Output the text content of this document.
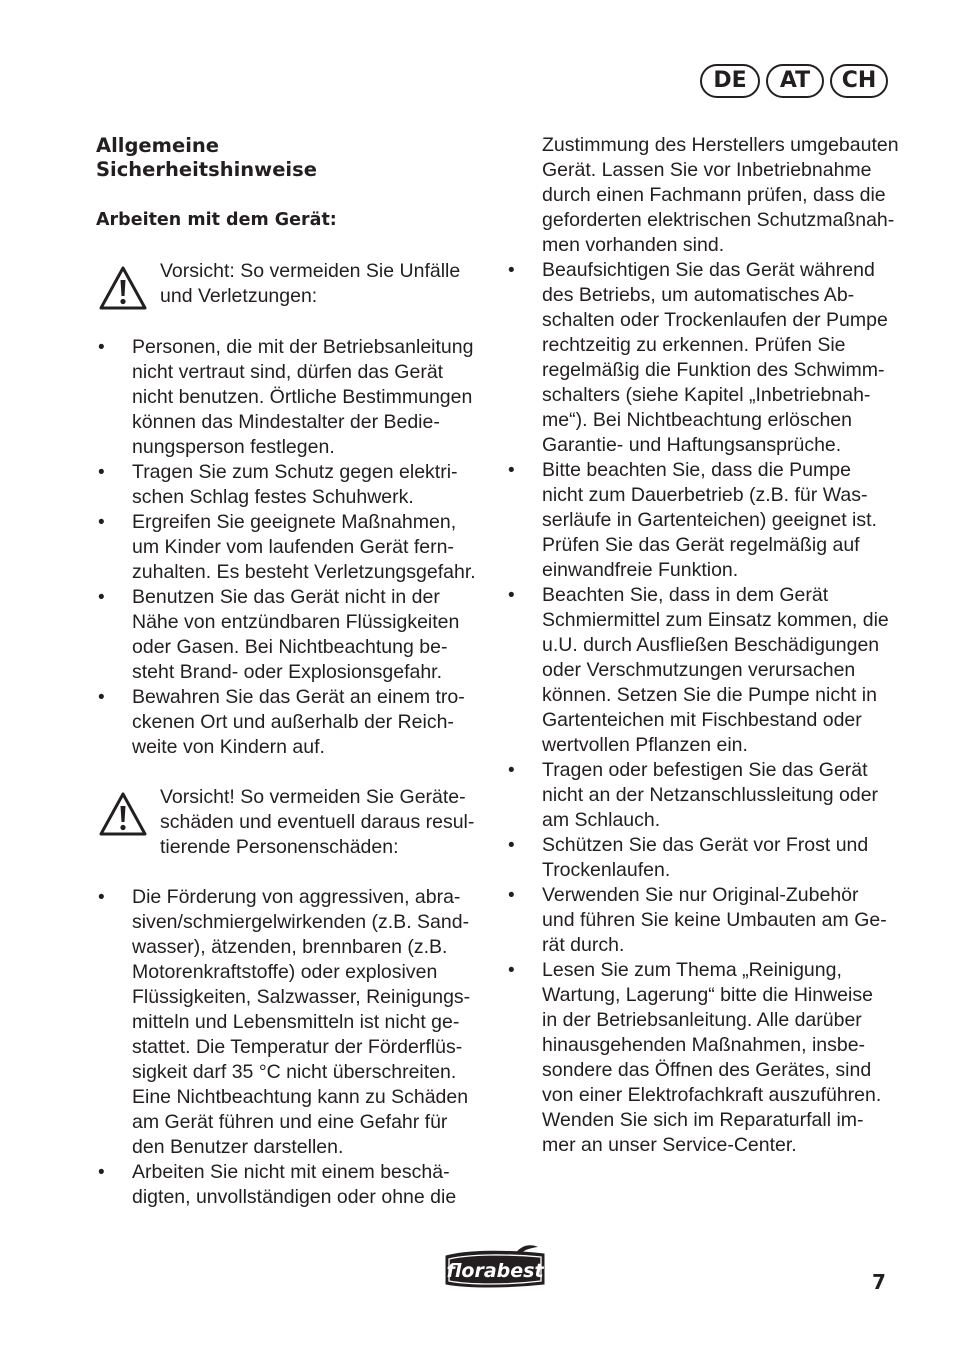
DE	AT	CH
Allgemeine
Sicherheitshinweise
Arbeiten mit dem Gerät:

Vorsicht: So vermeiden Sie Unfälle
und Verletzungen:

• Personen, die mit der Betriebsanleitung
nicht vertraut sind, dürfen das Gerät
nicht benutzen. Örtliche Bestimmungen
können das Mindestalter der Bedie-
nungsperson festlegen.
• Tragen Sie zum Schutz gegen elektri-
schen Schlag festes Schuhwerk.
• Ergreifen Sie geeignete Maßnahmen,
um Kinder vom laufenden Gerät fern-
zuhalten. Es besteht Verletzungsgefahr.
• Benutzen Sie das Gerät nicht in der
Nähe von entzündbaren Flüssigkeiten
oder Gasen. Bei Nichtbeachtung be-
steht Brand- oder Explosionsgefahr.
• Bewahren Sie das Gerät an einem tro-
ckenen Ort und außerhalb der Reich-
weite von Kindern auf.

Vorsicht! So vermeiden Sie Geräte-
schäden und eventuell daraus resul-
tierende Personenschäden:

• Die Förderung von aggressiven, abra-
siven/schmiergelwirkenden (z.B. Sand-
wasser), ätzenden, brennbaren (z.B.
Motorenkraftstoffe) oder explosiven
Flüssigkeiten, Salzwasser, Reinigungs-
mitteln und Lebensmitteln ist nicht ge-
stattet. Die Temperatur der Förderflüs-
sigkeit darf 35 °C nicht überschreiten.
Eine Nichtbeachtung kann zu Schäden
am Gerät führen und eine Gefahr für
den Benutzer darstellen.
• Arbeiten Sie nicht mit einem beschä-
digten, unvollständigen oder ohne die

Zustimmung des Herstellers umgebauten
Gerät. Lassen Sie vor Inbetriebnahme
durch einen Fachmann prüfen, dass die
geforderten elektrischen Schutzmaßnah-
men vorhanden sind.

• Beaufsichtigen Sie das Gerät während
des Betriebs, um automatisches Ab-
schalten oder Trockenlaufen der Pumpe
rechtzeitig zu erkennen. Prüfen Sie
regelmäßig die Funktion des Schwimm-
schalters (siehe Kapitel „Inbetriebnah-
me“). Bei Nichtbeachtung erlöschen
Garantie- und Haftungsansprüche.
• Bitte beachten Sie, dass die Pumpe
nicht zum Dauerbetrieb (z.B. für Was-
serläufe in Gartenteichen) geeignet ist.
Prüfen Sie das Gerät regelmäßig auf
einwandfreie Funktion.
• Beachten Sie, dass in dem Gerät
Schmiermittel zum Einsatz kommen, die
u.U. durch Ausfließen Beschädigungen
oder Verschmutzungen verursachen
können. Setzen Sie die Pumpe nicht in
Gartenteichen mit Fischbestand oder
wertvollen Pflanzen ein.
• Tragen oder befestigen Sie das Gerät
nicht an der Netzanschlussleitung oder
am Schlauch.
• Schützen Sie das Gerät vor Frost und
Trockenlaufen.
• Verwenden Sie nur Original-Zubehör
und führen Sie keine Umbauten am Ge-
rät durch.
• Lesen Sie zum Thema „Reinigung,
Wartung, Lagerung“ bitte die Hinweise
in der Betriebsanleitung. Alle darüber
hinausgehenden Maßnahmen, insbe-
sondere das Öffnen des Gerätes, sind
von einer Elektrofachkraft auszuführen.
Wenden Sie sich im Reparaturfall im-
mer an unser Service-Center.
florabest	7
